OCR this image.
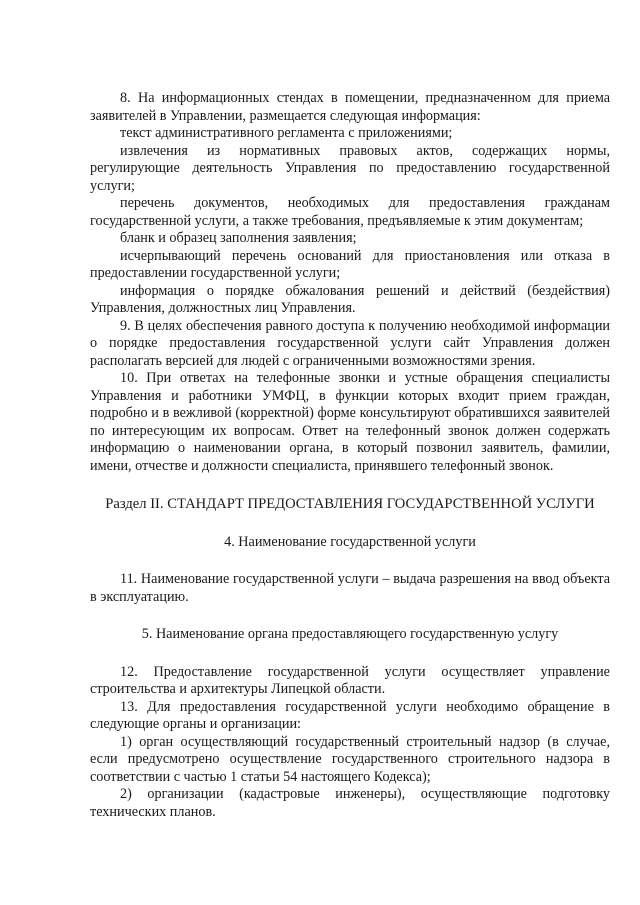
8. На информационных стендах в помещении, предназначенном для приема заявителей в Управлении, размещается следующая информация:

текст административного регламента с приложениями;

извлечения из нормативных правовых актов, содержащих нормы, регулирующие деятельность Управления по предоставлению государственной услуги;

перечень документов, необходимых для предоставления гражданам государственной услуги, а также требования, предъявляемые к этим документам;

бланк и образец заполнения заявления;

исчерпывающий перечень оснований для приостановления или отказа в предоставлении государственной услуги;

информация о порядке обжалования решений и действий (бездействия) Управления, должностных лиц Управления.

9. В целях обеспечения равного доступа к получению необходимой информации о порядке предоставления государственной услуги сайт Управления должен располагать версией для людей с ограниченными возможностями зрения.

10. При ответах на телефонные звонки и устные обращения специалисты Управления и работники УМФЦ, в функции которых входит прием граждан, подробно и в вежливой (корректной) форме консультируют обратившихся заявителей по интересующим их вопросам. Ответ на телефонный звонок должен содержать информацию о наименовании органа, в который позвонил заявитель, фамилии, имени, отчестве и должности специалиста, принявшего телефонный звонок.

Раздел II. СТАНДАРТ ПРЕДОСТАВЛЕНИЯ ГОСУДАРСТВЕННОЙ УСЛУГИ

4. Наименование государственной услуги

11. Наименование государственной услуги – выдача разрешения на ввод объекта в эксплуатацию.

5. Наименование органа предоставляющего государственную услугу

12. Предоставление государственной услуги осуществляет управление строительства и архитектуры Липецкой области.

13. Для предоставления государственной услуги необходимо обращение в следующие органы и организации:

1) орган осуществляющий государственный строительный надзор (в случае, если предусмотрено осуществление государственного строительного надзора в соответствии с частью 1 статьи 54 настоящего Кодекса);

2) организации (кадастровые инженеры), осуществляющие подготовку технических планов.
